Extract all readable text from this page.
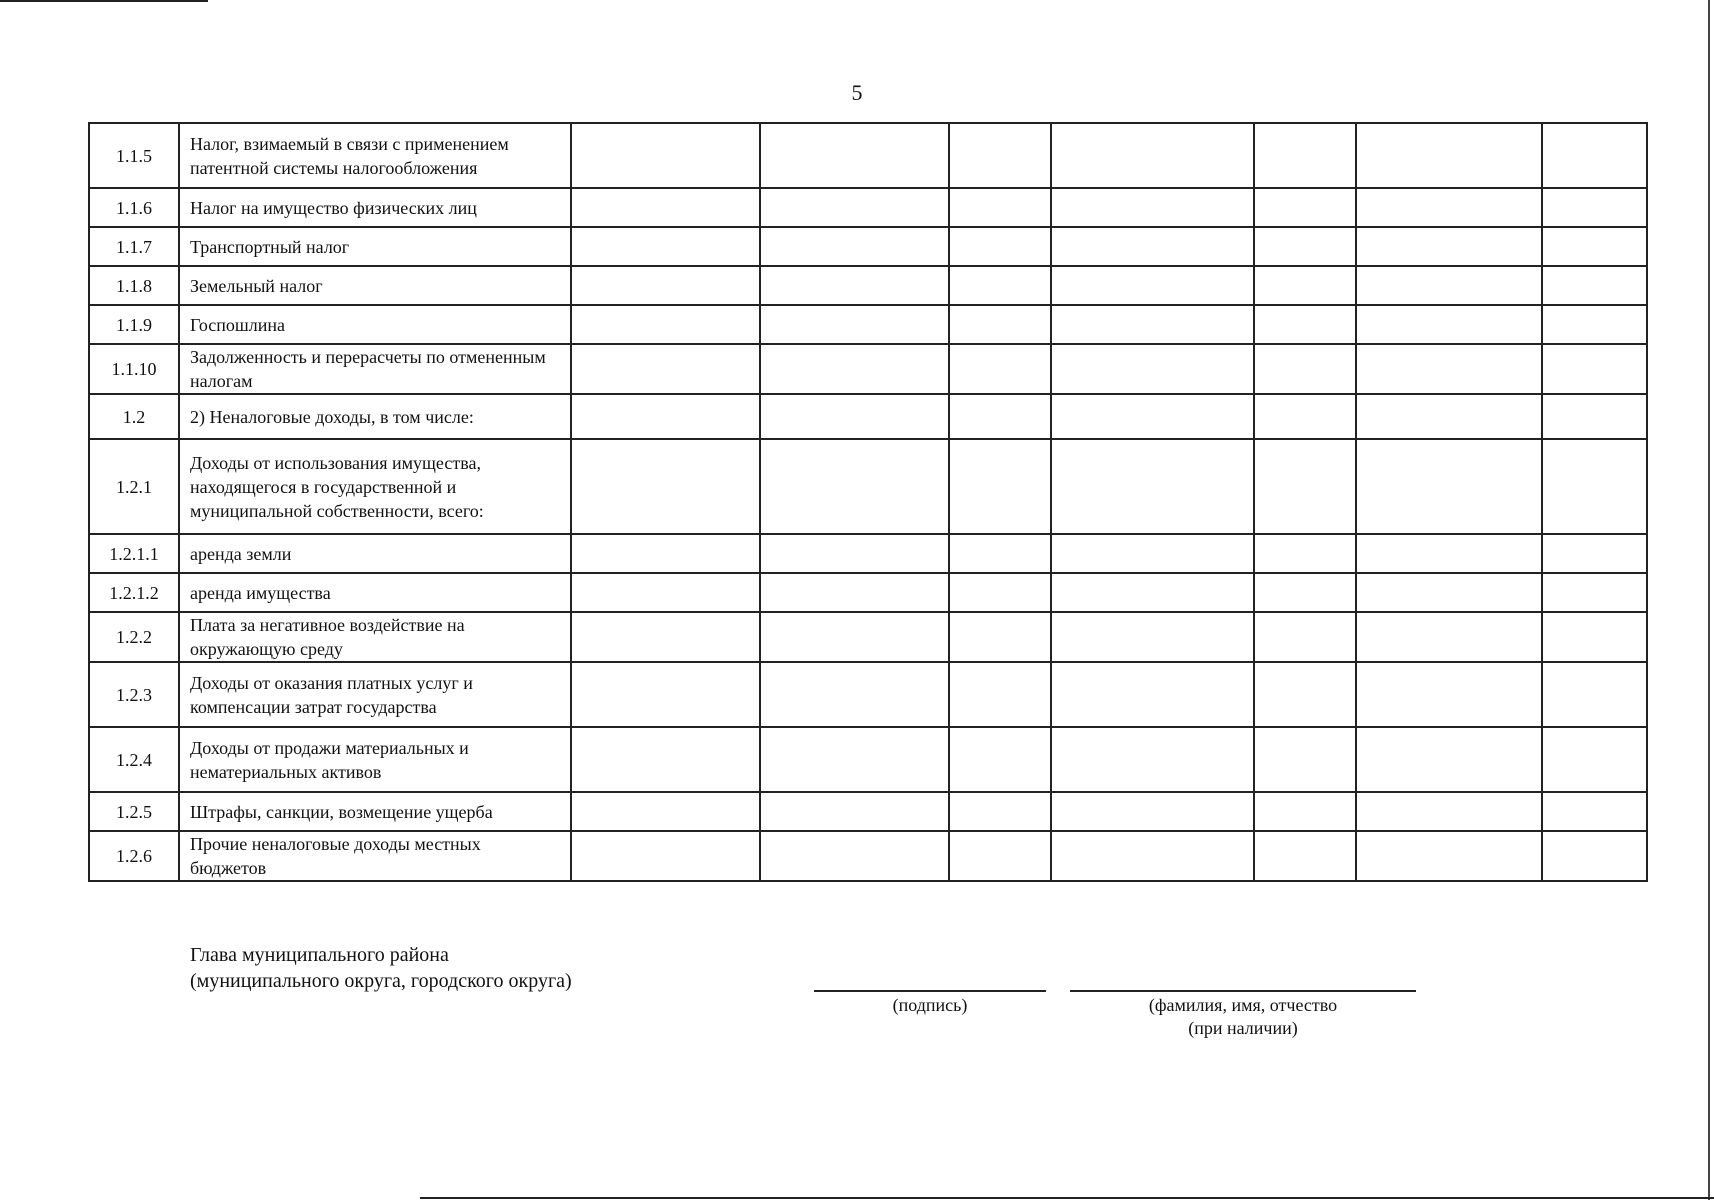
5
1.1.5	Налог, взимаемый в связи с применением патентной системы налогообложения							
1.1.6	Налог на имущество физических лиц							
1.1.7	Транспортный налог							
1.1.8	Земельный налог							
1.1.9	Госпошлина							
1.1.10	Задолженность и перерасчеты по отмененным налогам							
1.2	2) Неналоговые доходы, в том числе:							
1.2.1	Доходы от использования имущества, находящегося в государственной и муниципальной собственности, всего:							
1.2.1.1	аренда земли							
1.2.1.2	аренда имущества							
1.2.2	Плата за негативное воздействие на окружающую среду							
1.2.3	Доходы от оказания платных услуг и компенсации затрат государства							
1.2.4	Доходы от продажи материальных и нематериальных активов							
1.2.5	Штрафы, санкции, возмещение ущерба							
1.2.6	Прочие неналоговые доходы местных бюджетов							
Глава муниципального района
(муниципального округа, городского округа)
(подпись)	(фамилия, имя, отчество
(при наличии)
